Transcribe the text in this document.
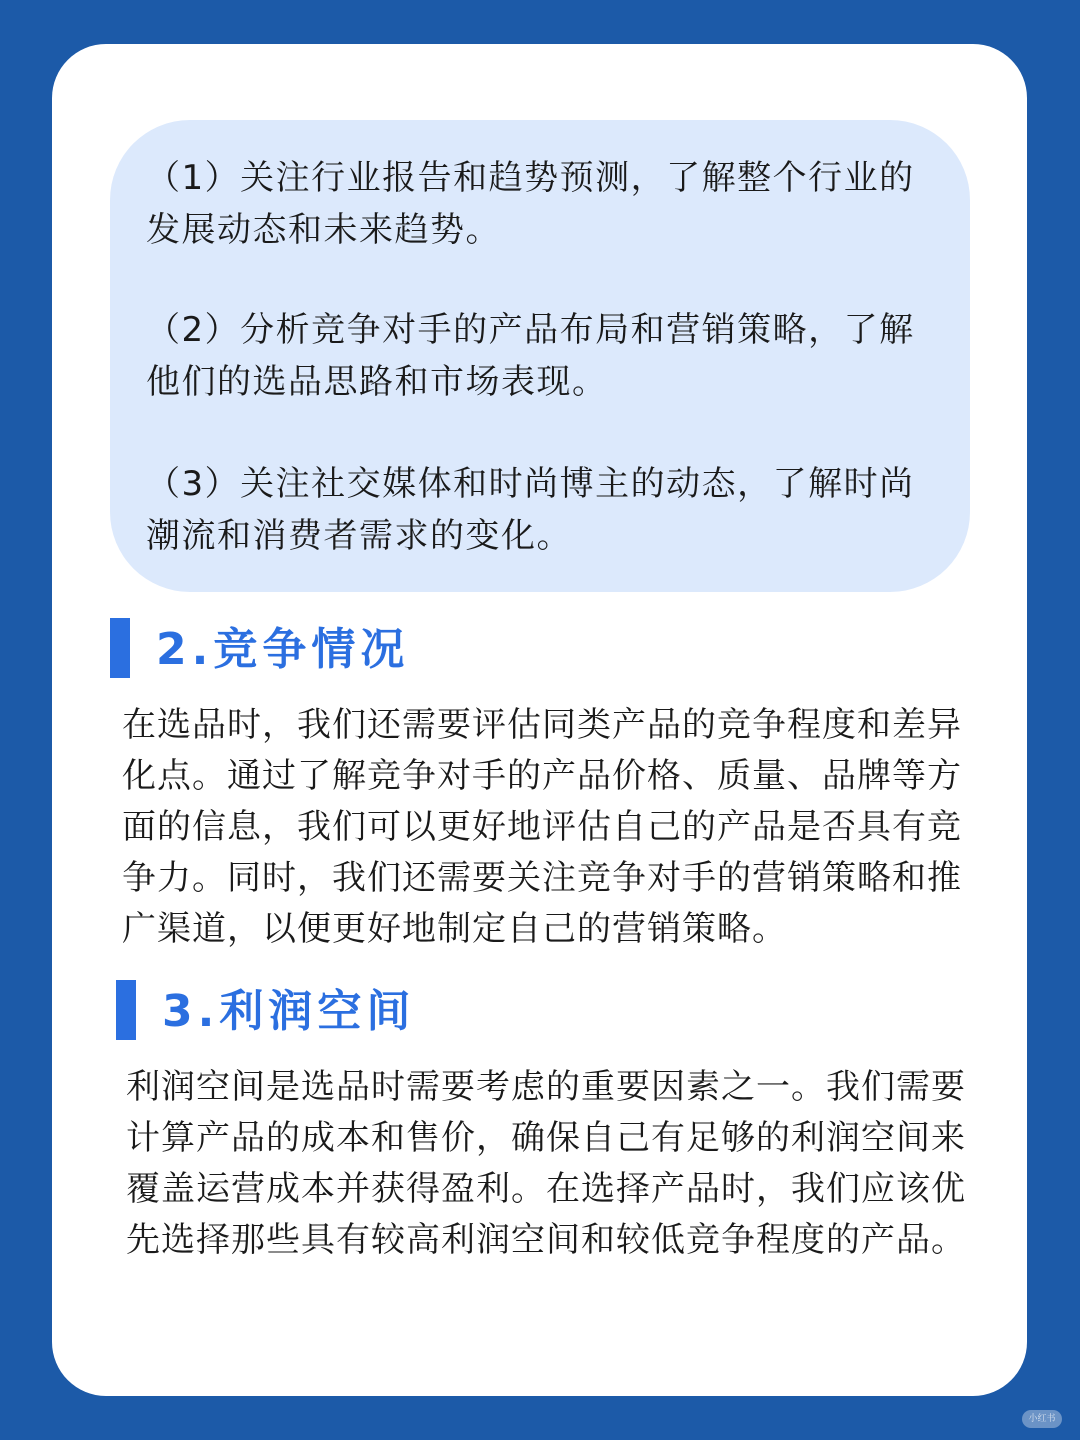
（1）关注行业报告和趋势预测，了解整个行业的发展动态和未来趋势。

（2）分析竞争对手的产品布局和营销策略，了解他们的选品思路和市场表现。

（3）关注社交媒体和时尚博主的动态，了解时尚潮流和消费者需求的变化。

2.竞争情况

在选品时，我们还需要评估同类产品的竞争程度和差异化点。通过了解竞争对手的产品价格、质量、品牌等方面的信息，我们可以更好地评估自己的产品是否具有竞争力。同时，我们还需要关注竞争对手的营销策略和推广渠道，以便更好地制定自己的营销策略。

3.利润空间

利润空间是选品时需要考虑的重要因素之一。我们需要计算产品的成本和售价，确保自己有足够的利润空间来覆盖运营成本并获得盈利。在选择产品时，我们应该优先选择那些具有较高利润空间和较低竞争程度的产品。

小红书
